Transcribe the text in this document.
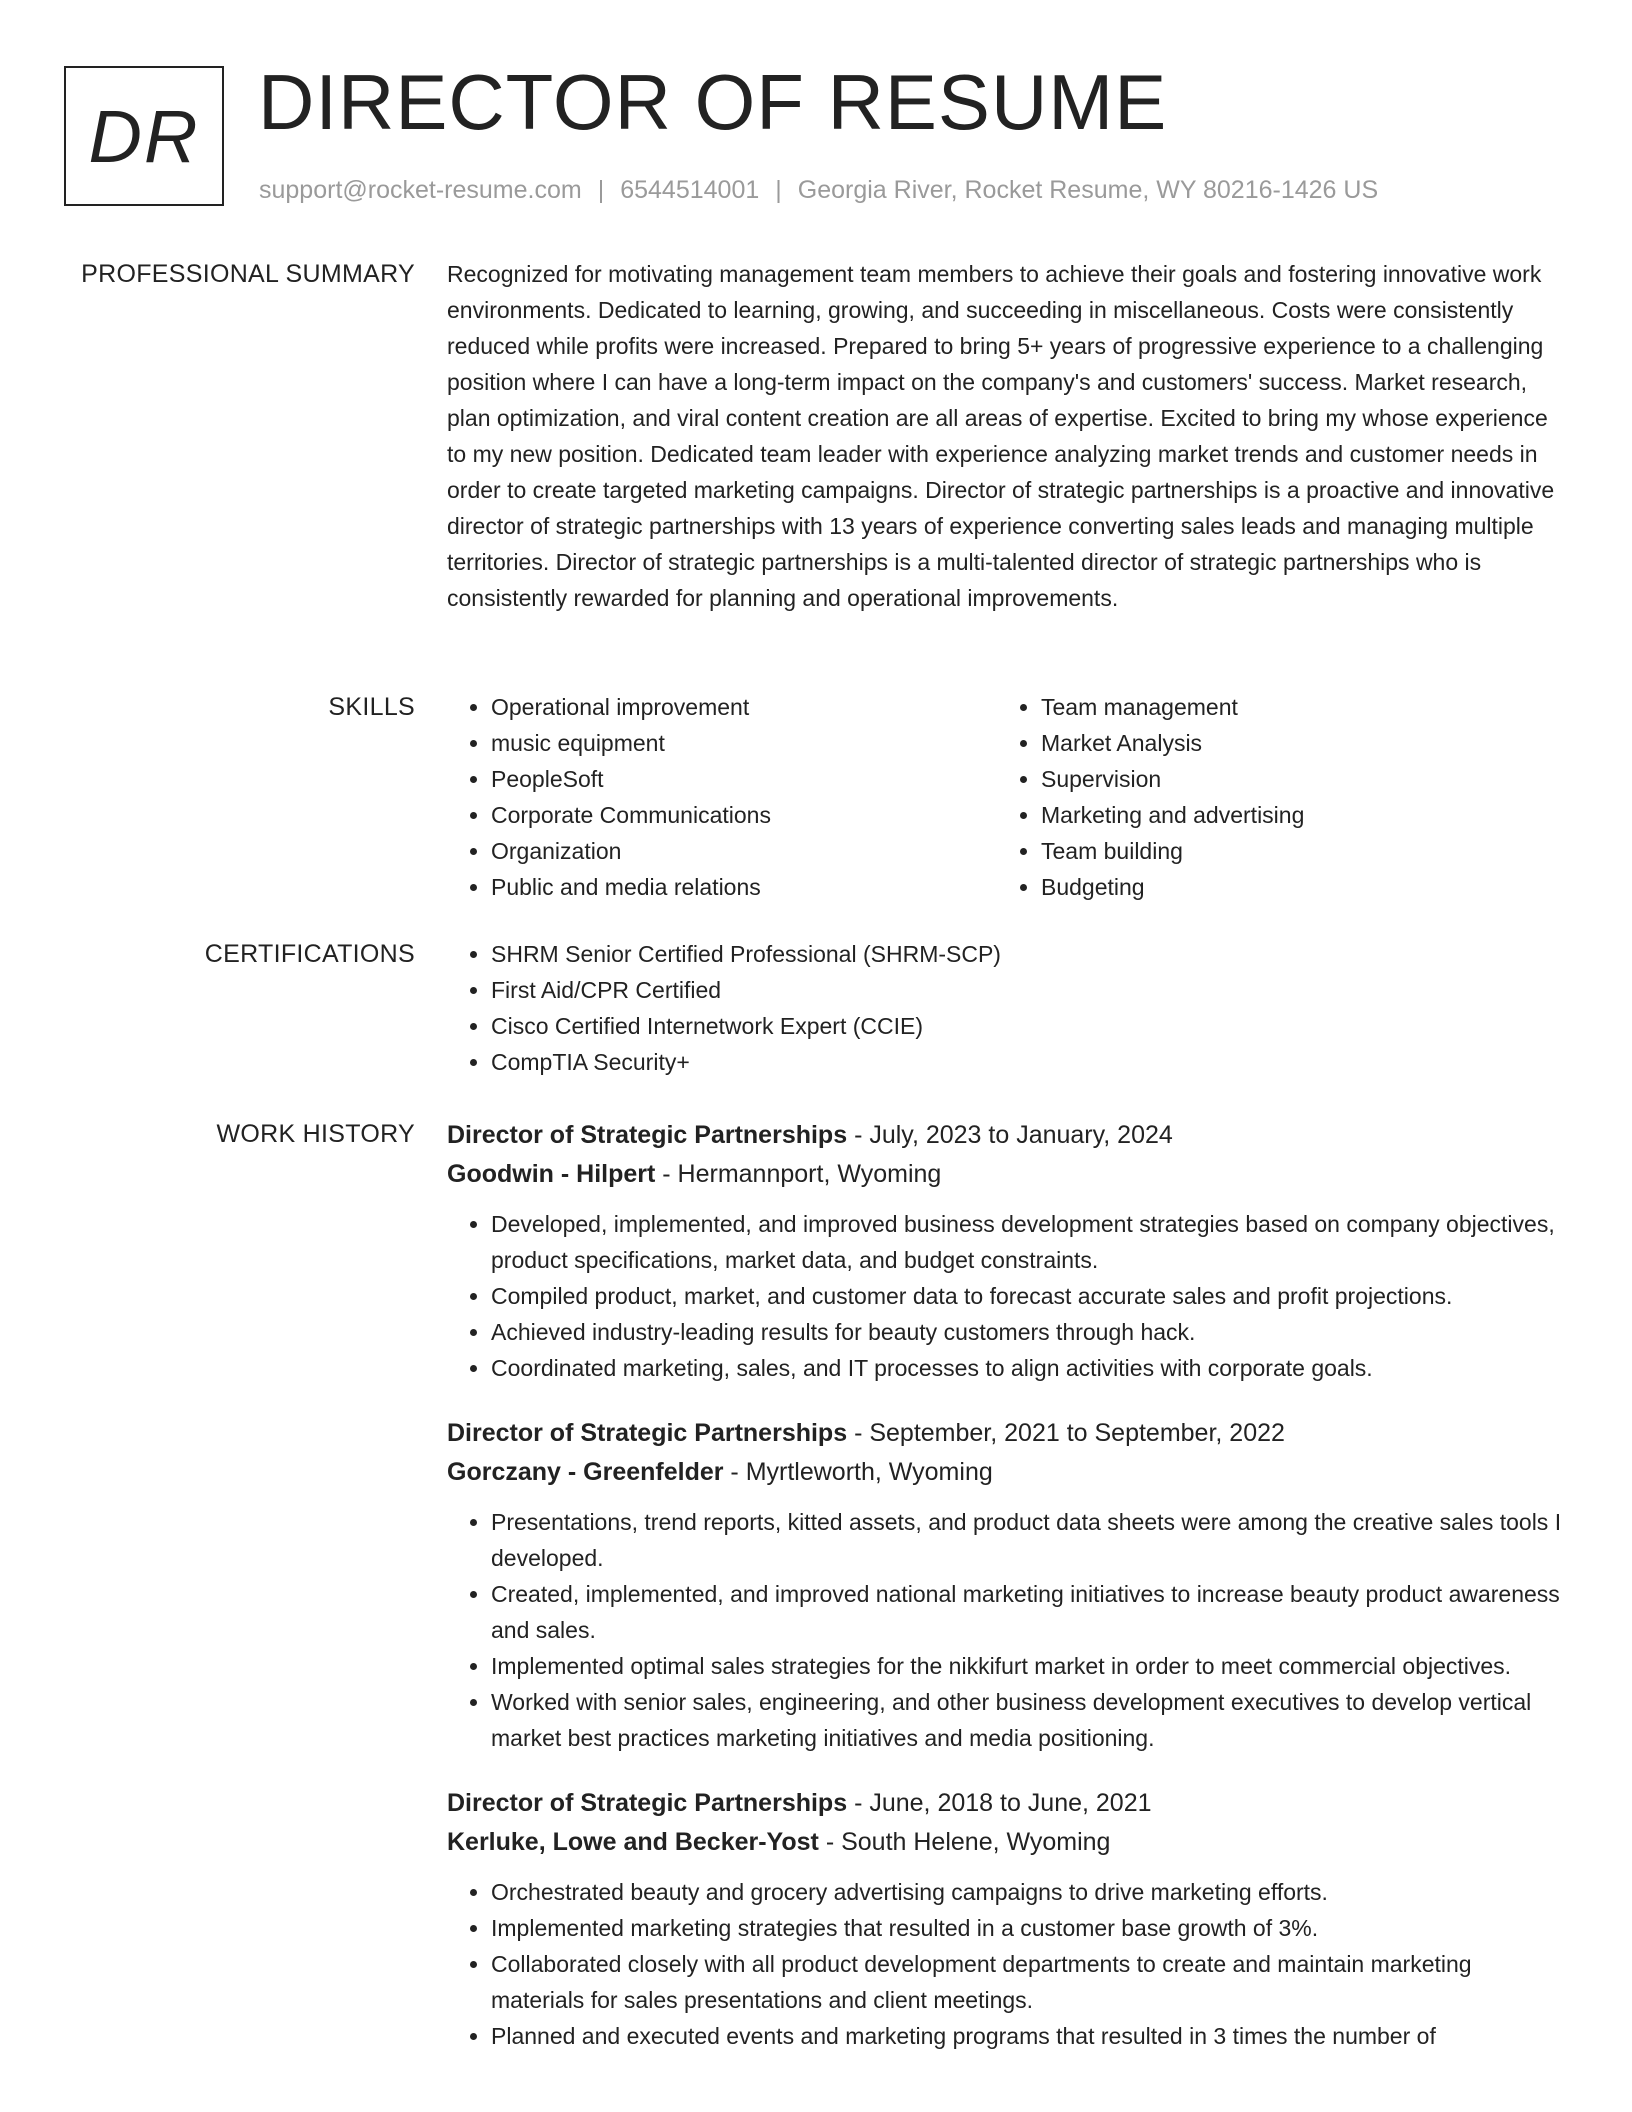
DR DIRECTOR OF RESUME
support@rocket-resume.com | 6544514001 | Georgia River, Rocket Resume, WY 80216-1426 US
PROFESSIONAL SUMMARY Recognized for motivating management team members to achieve their goals and fostering innovative work environments. Dedicated to learning, growing, and succeeding in miscellaneous. Costs were consistently reduced while profits were increased. Prepared to bring 5+ years of progressive experience to a challenging position where I can have a long-term impact on the company's and customers' success. Market research, plan optimization, and viral content creation are all areas of expertise. Excited to bring my whose experience to my new position. Dedicated team leader with experience analyzing market trends and customer needs in order to create targeted marketing campaigns. Director of strategic partnerships is a proactive and innovative director of strategic partnerships with 13 years of experience converting sales leads and managing multiple territories. Director of strategic partnerships is a multi-talented director of strategic partnerships who is consistently rewarded for planning and operational improvements.

SKILLS	• Operational improvement
• music equipment
• PeopleSoft
• Corporate Communications
• Organization
• Public and media relations
• Team management
• Market Analysis
• Supervision
• Marketing and advertising
• Team building
• Budgeting
CERTIFICATIONS	• SHRM Senior Certified Professional (SHRM-SCP)
• First Aid/CPR Certified
• Cisco Certified Internetwork Expert (CCIE)
• CompTIA Security+
WORK HISTORY Director of Strategic Partnerships - July, 2023 to January, 2024
Goodwin - Hilpert - Hermannport, Wyoming
• Developed, implemented, and improved business development strategies based on company objectives, product specifications, market data, and budget constraints.
• Compiled product, market, and customer data to forecast accurate sales and profit projections.
• Achieved industry-leading results for beauty customers through hack.
• Coordinated marketing, sales, and IT processes to align activities with corporate goals.
Director of Strategic Partnerships - September, 2021 to September, 2022
Gorczany - Greenfelder - Myrtleworth, Wyoming
• Presentations, trend reports, kitted assets, and product data sheets were among the creative sales tools I developed.
• Created, implemented, and improved national marketing initiatives to increase beauty product awareness and sales.
• Implemented optimal sales strategies for the nikkifurt market in order to meet commercial objectives.
• Worked with senior sales, engineering, and other business development executives to develop vertical market best practices marketing initiatives and media positioning.
Director of Strategic Partnerships - June, 2018 to June, 2021
Kerluke, Lowe and Becker-Yost - South Helene, Wyoming
• Orchestrated beauty and grocery advertising campaigns to drive marketing efforts.
• Implemented marketing strategies that resulted in a customer base growth of 3%.
• Collaborated closely with all product development departments to create and maintain marketing materials for sales presentations and client meetings.
• Planned and executed events and marketing programs that resulted in 3 times the number of
